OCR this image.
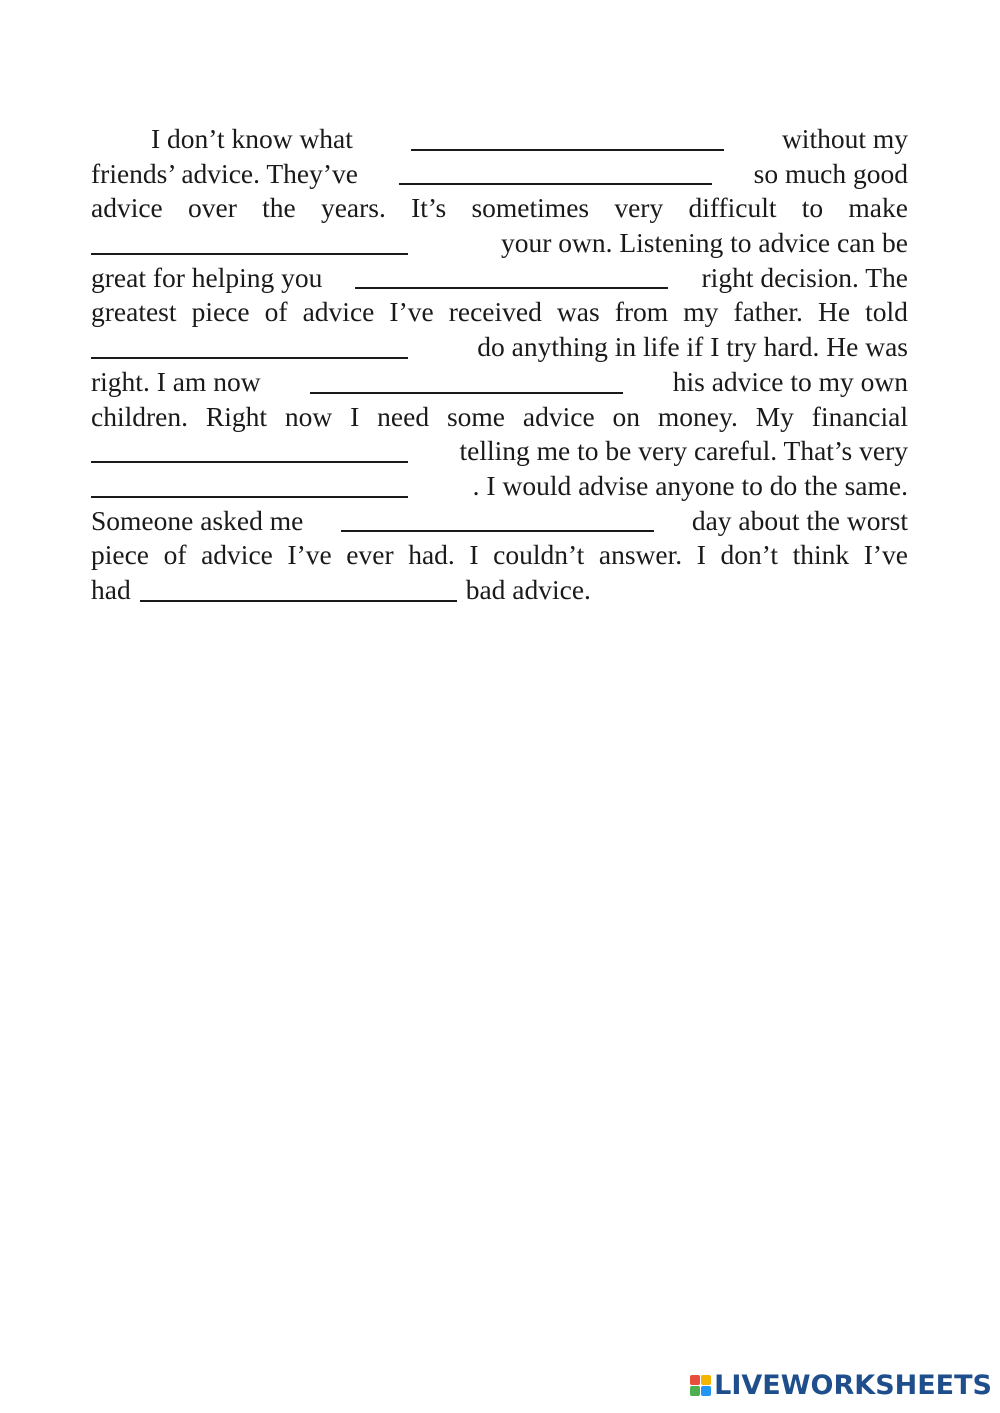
I don’t know what	without my
friends’ advice. They’ve	so much good
advice over the years. It’s sometimes very difficult to make
your own. Listening to advice can be
great for helping you	right decision. The
greatest piece of advice I’ve received was from my father. He told
do anything in life if I try hard. He was
right. I am now	his advice to my own
children. Right now I need some advice on money. My financial
telling me to be very careful. That’s very
. I would advise anyone to do the same.
Someone asked me	day about the worst
piece of advice I’ve ever had. I couldn’t answer. I don’t think I’ve
had	bad advice.
LIVEWORKSHEETS
